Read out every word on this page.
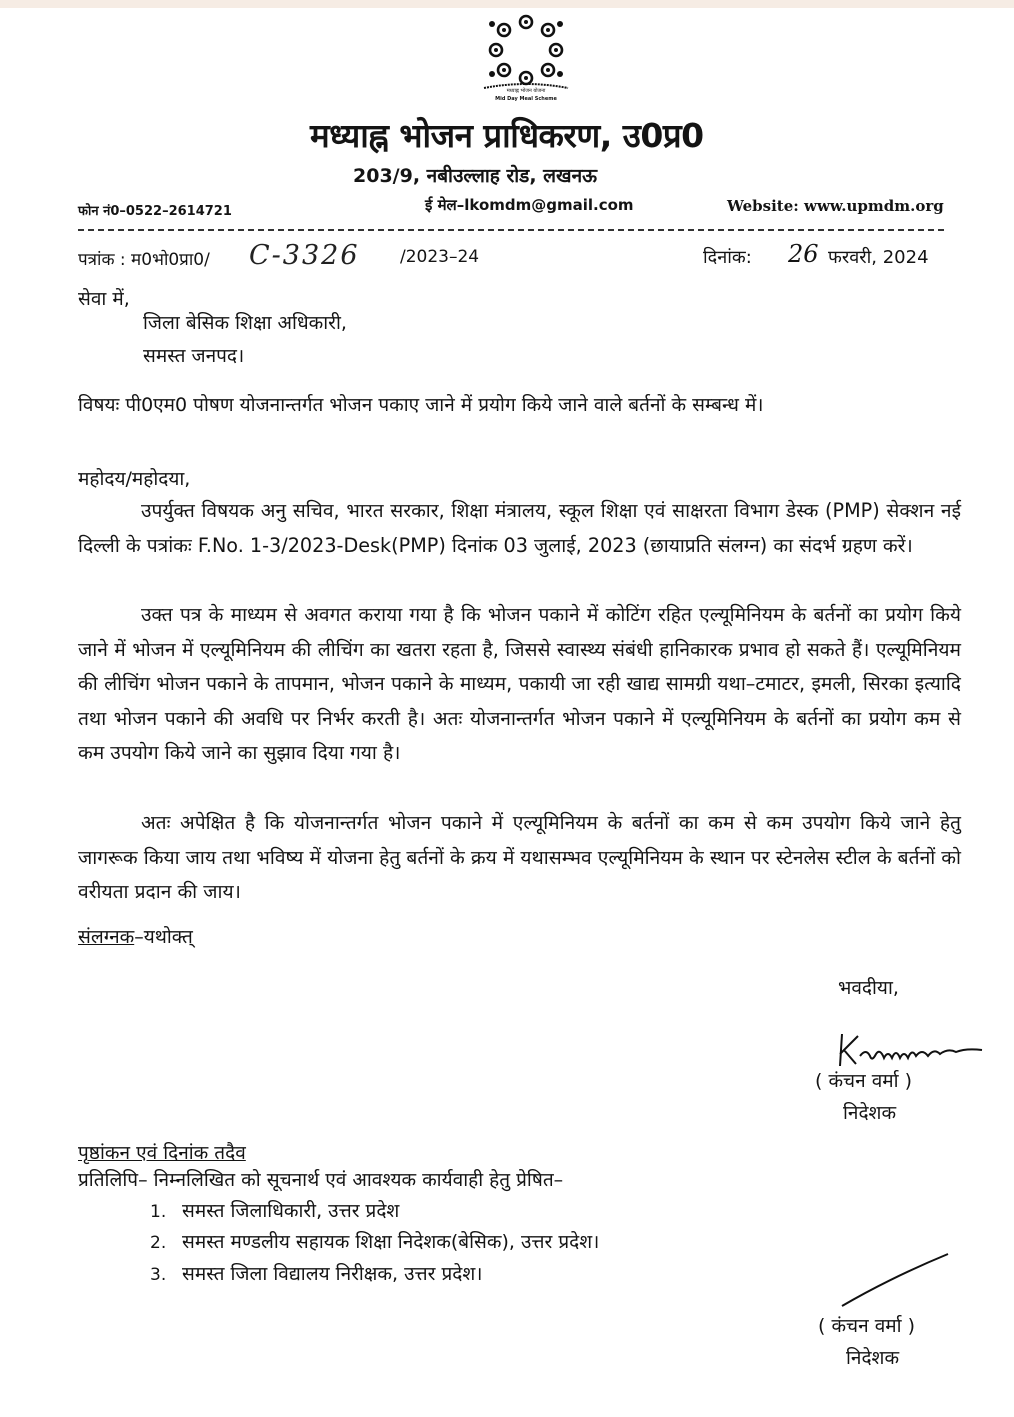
मध्याह्न भोजन योजना
Mid Day Meal Scheme
मध्याह्न भोजन प्राधिकरण, उ0प्र0
203/9, नबीउल्लाह रोड, लखनऊ
फोन नं0–0522–2614721	ई मेल–lkomdm@gmail.com	Website: www.upmdm.org
पत्रांक : म0भो0प्रा0/ C-3326 /2023–24	दिनांक: 26 फरवरी, 2024
सेवा में,
जिला बेसिक शिक्षा अधिकारी,
समस्त जनपद।
विषयः पी0एम0 पोषण योजनान्तर्गत भोजन पकाए जाने में प्रयोग किये जाने वाले बर्तनों के सम्बन्ध में।
महोदय/महोदया,
उपर्युक्त विषयक अनु सचिव, भारत सरकार, शिक्षा मंत्रालय, स्कूल शिक्षा एवं साक्षरता विभाग डेस्क (PMP) सेक्शन नई दिल्ली के पत्रांकः F.No. 1-3/2023-Desk(PMP) दिनांक 03 जुलाई, 2023 (छायाप्रति संलग्न) का संदर्भ ग्रहण करें।
उक्त पत्र के माध्यम से अवगत कराया गया है कि भोजन पकाने में कोटिंग रहित एल्यूमिनियम के बर्तनों का प्रयोग किये जाने में भोजन में एल्यूमिनियम की लीचिंग का खतरा रहता है, जिससे स्वास्थ्य संबंधी हानिकारक प्रभाव हो सकते हैं। एल्यूमिनियम की लीचिंग भोजन पकाने के तापमान, भोजन पकाने के माध्यम, पकायी जा रही खाद्य सामग्री यथा–टमाटर, इमली, सिरका इत्यादि तथा भोजन पकाने की अवधि पर निर्भर करती है। अतः योजनान्तर्गत भोजन पकाने में एल्यूमिनियम के बर्तनों का प्रयोग कम से कम उपयोग किये जाने का सुझाव दिया गया है।
अतः अपेक्षित है कि योजनान्तर्गत भोजन पकाने में एल्यूमिनियम के बर्तनों का कम से कम उपयोग किये जाने हेतु जागरूक किया जाय तथा भविष्य में योजना हेतु बर्तनों के क्रय में यथासम्भव एल्यूमिनियम के स्थान पर स्टेनलेस स्टील के बर्तनों को वरीयता प्रदान की जाय।
संलग्नक–यथोक्त्
भवदीया,
( कंचन वर्मा )
निदेशक
पृष्ठांकन एवं दिनांक तदैव
प्रतिलिपि– निम्नलिखित को सूचनार्थ एवं आवश्यक कार्यवाही हेतु प्रेषित–
1. समस्त जिलाधिकारी, उत्तर प्रदेश
2. समस्त मण्डलीय सहायक शिक्षा निदेशक(बेसिक), उत्तर प्रदेश।
3. समस्त जिला विद्यालय निरीक्षक, उत्तर प्रदेश।
( कंचन वर्मा )
निदेशक
